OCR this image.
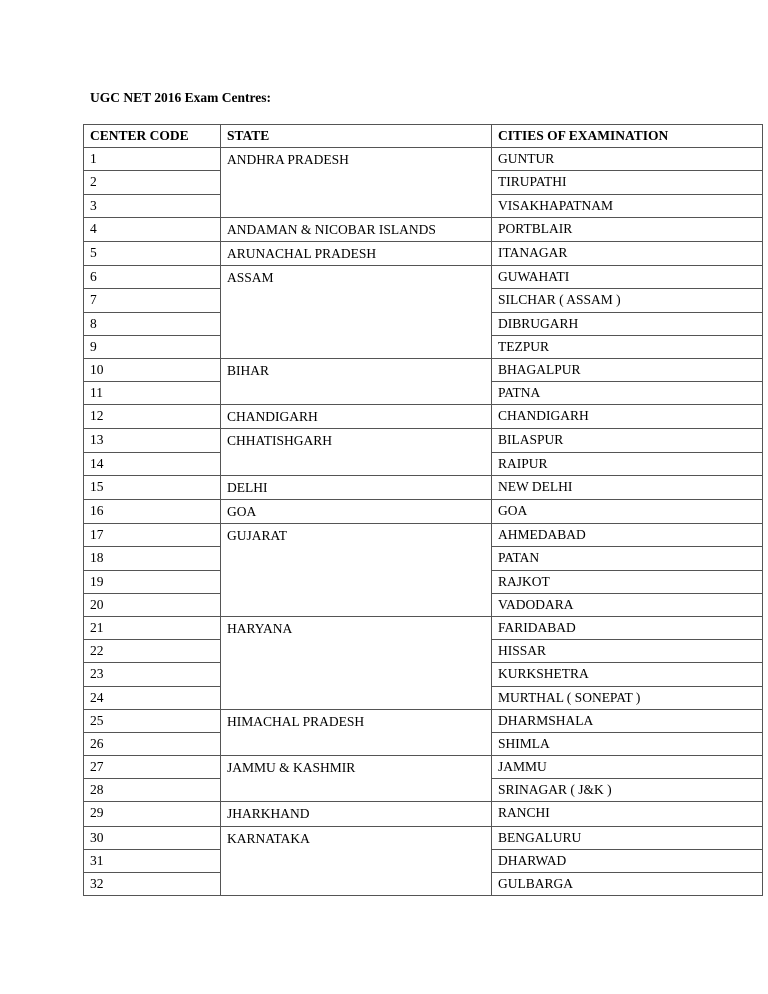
UGC NET 2016 Exam Centres:

CENTER CODE	STATE	CITIES OF EXAMINATION
1	ANDHRA PRADESH	GUNTUR
2		TIRUPATHI
3		VISAKHAPATNAM
4	ANDAMAN & NICOBAR ISLANDS	PORTBLAIR
5	ARUNACHAL PRADESH	ITANAGAR
6	ASSAM	GUWAHATI
7		SILCHAR ( ASSAM )
8		DIBRUGARH
9		TEZPUR
10	BIHAR	BHAGALPUR
11		PATNA
12	CHANDIGARH	CHANDIGARH
13	CHHATISHGARH	BILASPUR
14		RAIPUR
15	DELHI	NEW DELHI
16	GOA	GOA
17	GUJARAT	AHMEDABAD
18		PATAN
19		RAJKOT
20		VADODARA
21	HARYANA	FARIDABAD
22		HISSAR
23		KURKSHETRA
24		MURTHAL ( SONEPAT )
25	HIMACHAL PRADESH	DHARMSHALA
26		SHIMLA
27	JAMMU & KASHMIR	JAMMU
28		SRINAGAR ( J&K )
29	JHARKHAND	RANCHI
30	KARNATAKA	BENGALURU
31		DHARWAD
32		GULBARGA
